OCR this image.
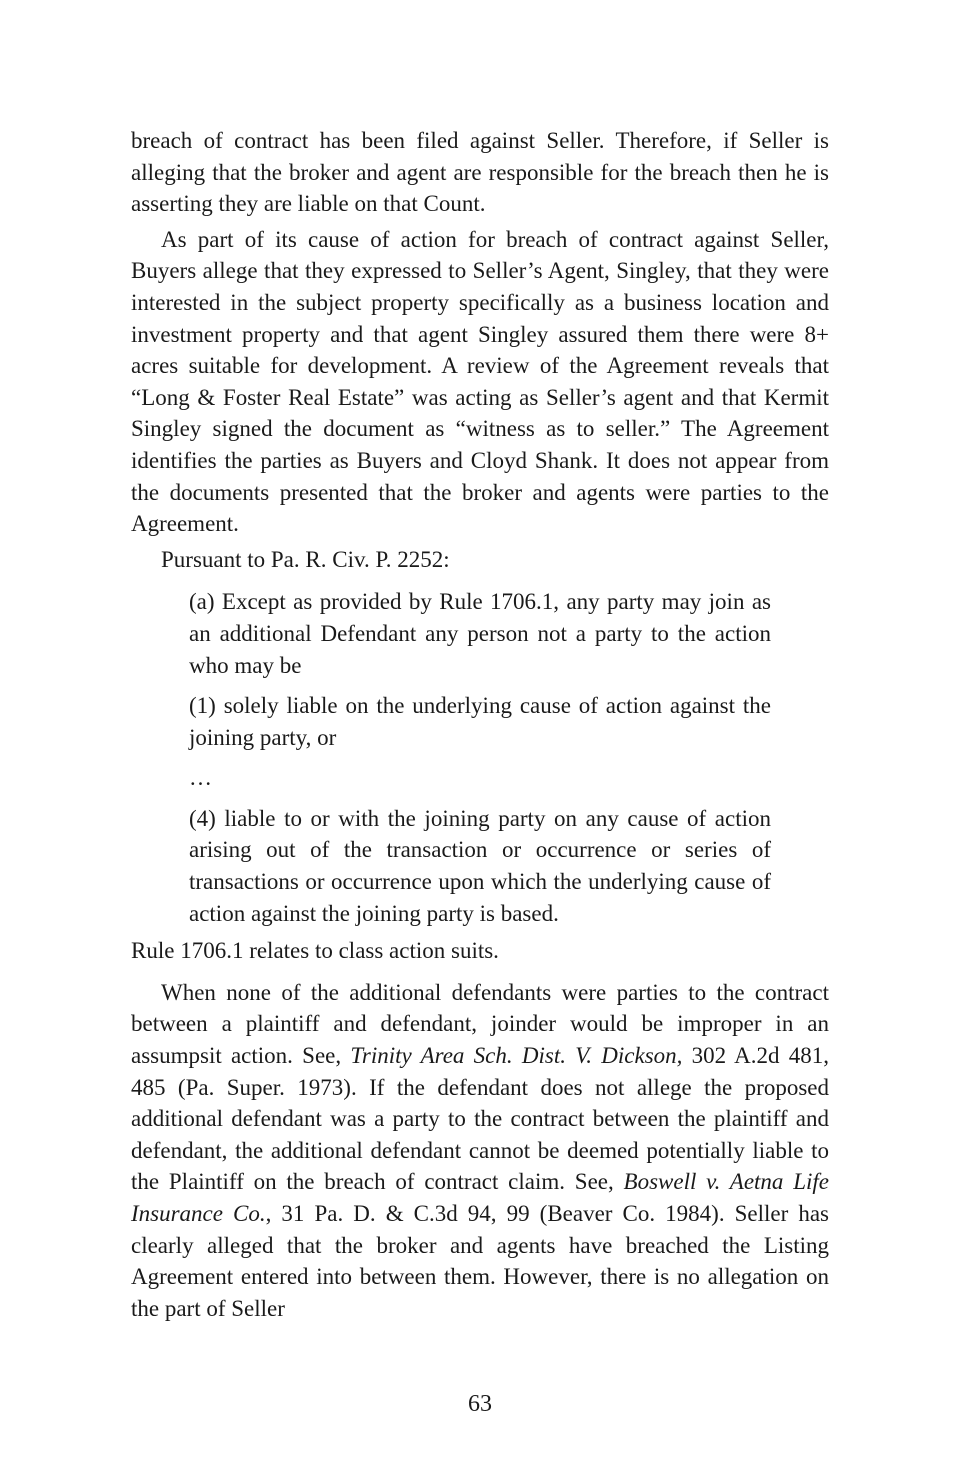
breach of contract has been filed against Seller. Therefore, if Seller is alleging that the broker and agent are responsible for the breach then he is asserting they are liable on that Count.

As part of its cause of action for breach of contract against Seller, Buyers allege that they expressed to Seller’s Agent, Singley, that they were interested in the subject property specifically as a business location and investment property and that agent Singley assured them there were 8+ acres suitable for development. A review of the Agreement reveals that “Long & Foster Real Estate” was acting as Seller’s agent and that Kermit Singley signed the document as “witness as to seller.” The Agreement identifies the parties as Buyers and Cloyd Shank. It does not appear from the documents presented that the broker and agents were parties to the Agreement.

Pursuant to Pa. R. Civ. P. 2252:

(a) Except as provided by Rule 1706.1, any party may join as an additional Defendant any person not a party to the action who may be

(1) solely liable on the underlying cause of action against the joining party, or

…

(4) liable to or with the joining party on any cause of action arising out of the transaction or occurrence or series of transactions or occurrence upon which the underlying cause of action against the joining party is based.

Rule 1706.1 relates to class action suits.

When none of the additional defendants were parties to the contract between a plaintiff and defendant, joinder would be improper in an assumpsit action. See, Trinity Area Sch. Dist. V. Dickson, 302 A.2d 481, 485 (Pa. Super. 1973). If the defendant does not allege the proposed additional defendant was a party to the contract between the plaintiff and defendant, the additional defendant cannot be deemed potentially liable to the Plaintiff on the breach of contract claim. See, Boswell v. Aetna Life Insurance Co., 31 Pa. D. & C.3d 94, 99 (Beaver Co. 1984). Seller has clearly alleged that the broker and agents have breached the Listing Agreement entered into between them. However, there is no allegation on the part of Seller

63
